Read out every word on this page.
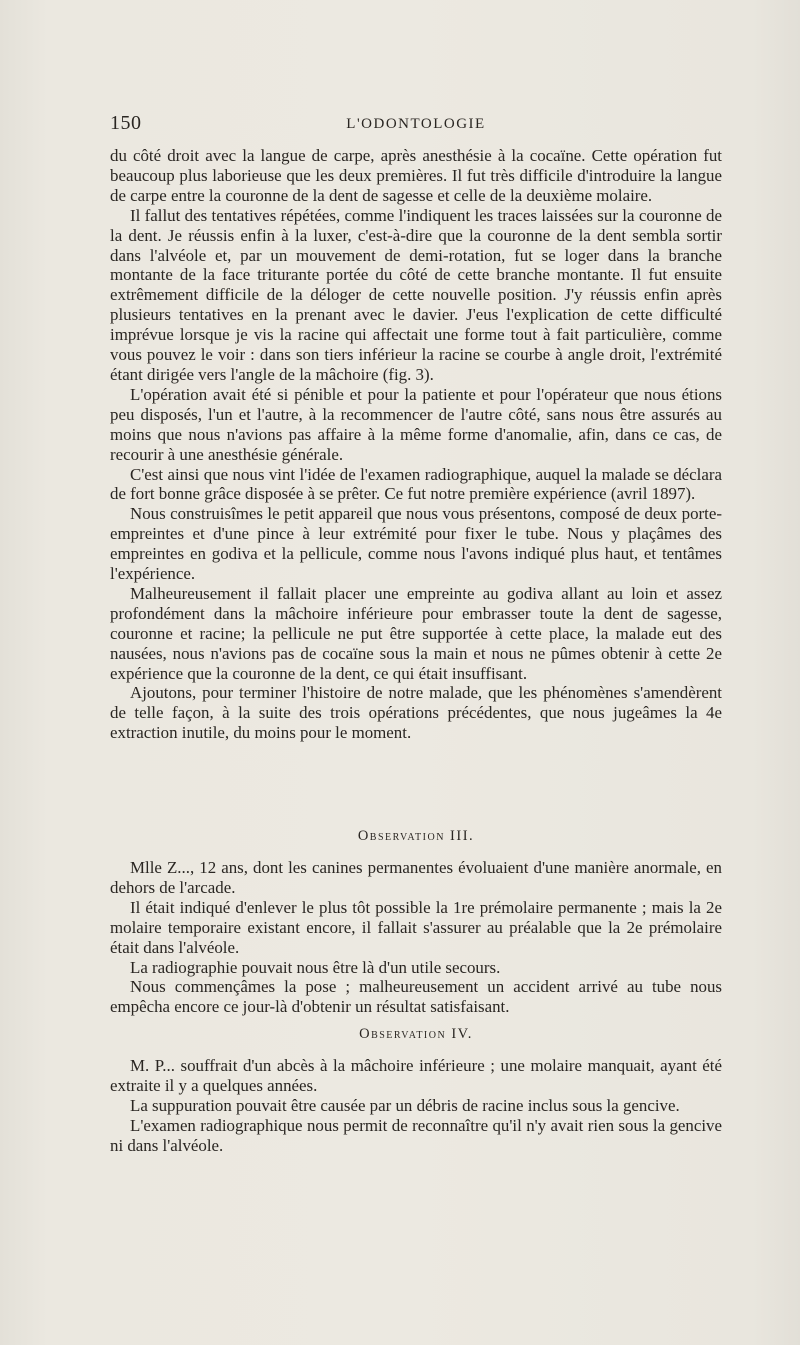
150	L'ODONTOLOGIE

du côté droit avec la langue de carpe, après anesthésie à la cocaïne. Cette opération fut beaucoup plus laborieuse que les deux premières. Il fut très difficile d'introduire la langue de carpe entre la couronne de la dent de sagesse et celle de la deuxième molaire.

Il fallut des tentatives répétées, comme l'indiquent les traces laissées sur la couronne de la dent. Je réussis enfin à la luxer, c'est-à-dire que la couronne de la dent sembla sortir dans l'alvéole et, par un mouvement de demi-rotation, fut se loger dans la branche montante de la face triturante portée du côté de cette branche montante. Il fut ensuite extrêmement difficile de la déloger de cette nouvelle position. J'y réussis enfin après plusieurs tentatives en la prenant avec le davier. J'eus l'explication de cette difficulté imprévue lorsque je vis la racine qui affectait une forme tout à fait particulière, comme vous pouvez le voir : dans son tiers inférieur la racine se courbe à angle droit, l'extrémité étant dirigée vers l'angle de la mâchoire (fig. 3).

L'opération avait été si pénible et pour la patiente et pour l'opérateur que nous étions peu disposés, l'un et l'autre, à la recommencer de l'autre côté, sans nous être assurés au moins que nous n'avions pas affaire à la même forme d'anomalie, afin, dans ce cas, de recourir à une anesthésie générale.

C'est ainsi que nous vint l'idée de l'examen radiographique, auquel la malade se déclara de fort bonne grâce disposée à se prêter. Ce fut notre première expérience (avril 1897).

Nous construisîmes le petit appareil que nous vous présentons, composé de deux porte-empreintes et d'une pince à leur extrémité pour fixer le tube. Nous y plaçâmes des empreintes en godiva et la pellicule, comme nous l'avons indiqué plus haut, et tentâmes l'expérience.

Malheureusement il fallait placer une empreinte au godiva allant au loin et assez profondément dans la mâchoire inférieure pour embrasser toute la dent de sagesse, couronne et racine; la pellicule ne put être supportée à cette place, la malade eut des nausées, nous n'avions pas de cocaïne sous la main et nous ne pûmes obtenir à cette 2e expérience que la couronne de la dent, ce qui était insuffisant.

Ajoutons, pour terminer l'histoire de notre malade, que les phénomènes s'amendèrent de telle façon, à la suite des trois opérations précédentes, que nous jugeâmes la 4e extraction inutile, du moins pour le moment.

Observation III.

Mlle Z..., 12 ans, dont les canines permanentes évoluaient d'une manière anormale, en dehors de l'arcade.

Il était indiqué d'enlever le plus tôt possible la 1re prémolaire permanente ; mais la 2e molaire temporaire existant encore, il fallait s'assurer au préalable que la 2e prémolaire était dans l'alvéole.

La radiographie pouvait nous être là d'un utile secours.

Nous commençâmes la pose ; malheureusement un accident arrivé au tube nous empêcha encore ce jour-là d'obtenir un résultat satisfaisant.

Observation IV.

M. P... souffrait d'un abcès à la mâchoire inférieure ; une molaire manquait, ayant été extraite il y a quelques années.

La suppuration pouvait être causée par un débris de racine inclus sous la gencive.

L'examen radiographique nous permit de reconnaître qu'il n'y avait rien sous la gencive ni dans l'alvéole.
